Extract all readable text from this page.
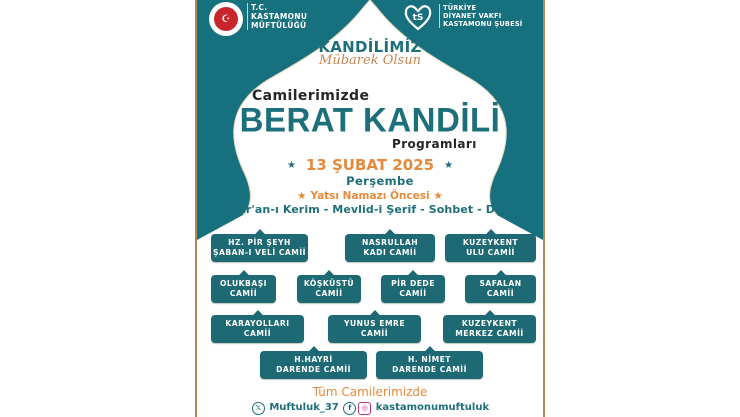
☪
T.C.
KASTAMONU
MÜFTÜLÜĞÜ
tS
TÜRKİYE
DİYANET VAKFI
KASTAMONU ŞUBESİ
KANDİLİMİZ
Mübarek Olsun
Camilerimizde
BERAT KANDİLİ
Programları
★ 13 ŞUBAT 2025 ★
Perşembe
★ Yatsı Namazı Öncesi ★
Kur'an-ı Kerim - Mevlid-i Şerif - Sohbet - Dua
HZ. PİR ŞEYH
ŞABAN-I VELİ CAMİİ
NASRULLAH
KADI CAMİİ
KUZEYKENT
ULU CAMİİ
OLUKBAŞI
CAMİİ
KÖŞKÜSTÜ
CAMİİ
PİR DEDE
CAMİİ
SAFALAN
CAMİİ
KARAYOLLARI
CAMİİ
YUNUS EMRE
CAMİİ
KUZEYKENT
MERKEZ CAMİİ
H.HAYRİ
DARENDE CAMİİ
H. NİMET
DARENDE CAMİİ
Tüm Camilerimizde
𝕏 Muftuluk_37 f ◎ kastamonumuftuluk
